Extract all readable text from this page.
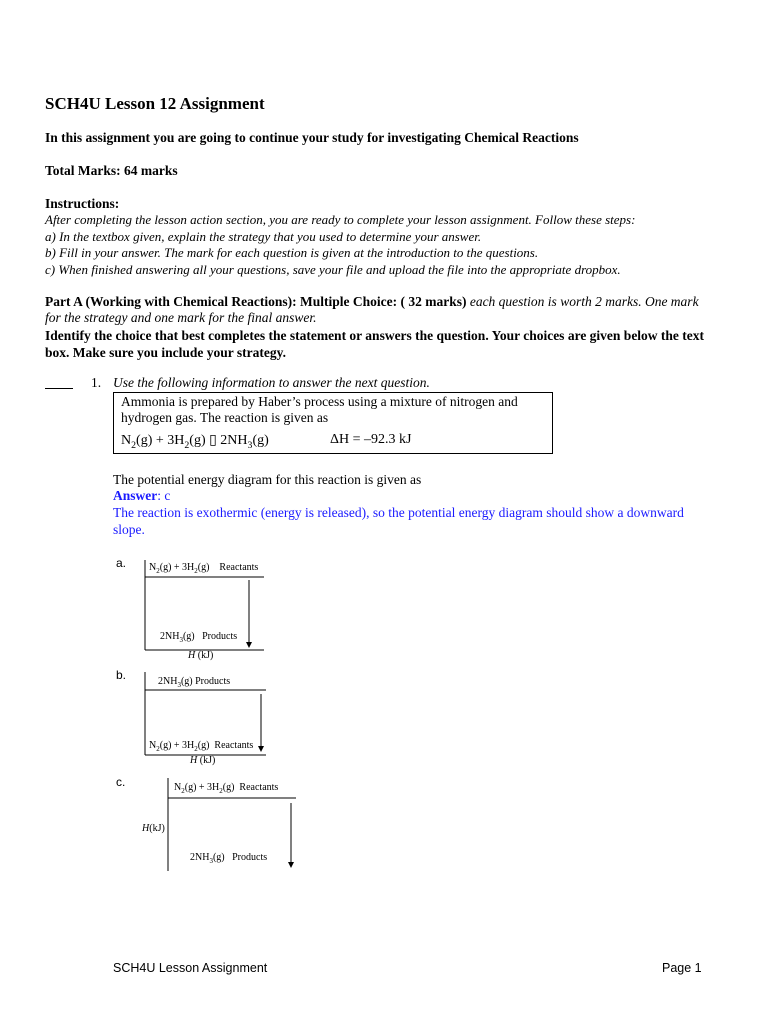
SCH4U Lesson 12 Assignment
In this assignment you are going to continue your study for investigating Chemical Reactions
Total Marks: 64 marks
Instructions:
After completing the lesson action section, you are ready to complete your lesson assignment. Follow these steps:
a) In the textbox given, explain the strategy that you used to determine your answer.
b) Fill in your answer. The mark for each question is given at the introduction to the questions.
c) When finished answering all your questions, save your file and upload the file into the appropriate dropbox.
Part A (Working with Chemical Reactions): Multiple Choice: ( 32 marks) each question is worth 2 marks. One mark for the strategy and one mark for the final answer.
Identify the choice that best completes the statement or answers the question. Your choices are given below the text box. Make sure you include your strategy.
1. Use the following information to answer the next question.
Ammonia is prepared by Haber’s process using a mixture of nitrogen and
hydrogen gas. The reaction is given as
$N_2(g) + 3H_2(g)$ ▯ $2NH_3(g)$	ΔH = –92.3 kJ
The potential energy diagram for this reaction is given as
Answer: c
The reaction is exothermic (energy is released), so the potential energy diagram should show a downward slope.
a. $N_2(g) + 3H_2(g)$    Reactants
$2NH_3(g)$   Products
H (kJ)
b.	$2NH_3(g)$ Products
$N_2(g) + 3H_2(g)$  Reactants
H (kJ)
c.	$N_2(g) + 3H_2(g)$  Reactants
$2NH_3(g)$   Products
H(kJ)
SCH4U Lesson Assignment	Page 1
